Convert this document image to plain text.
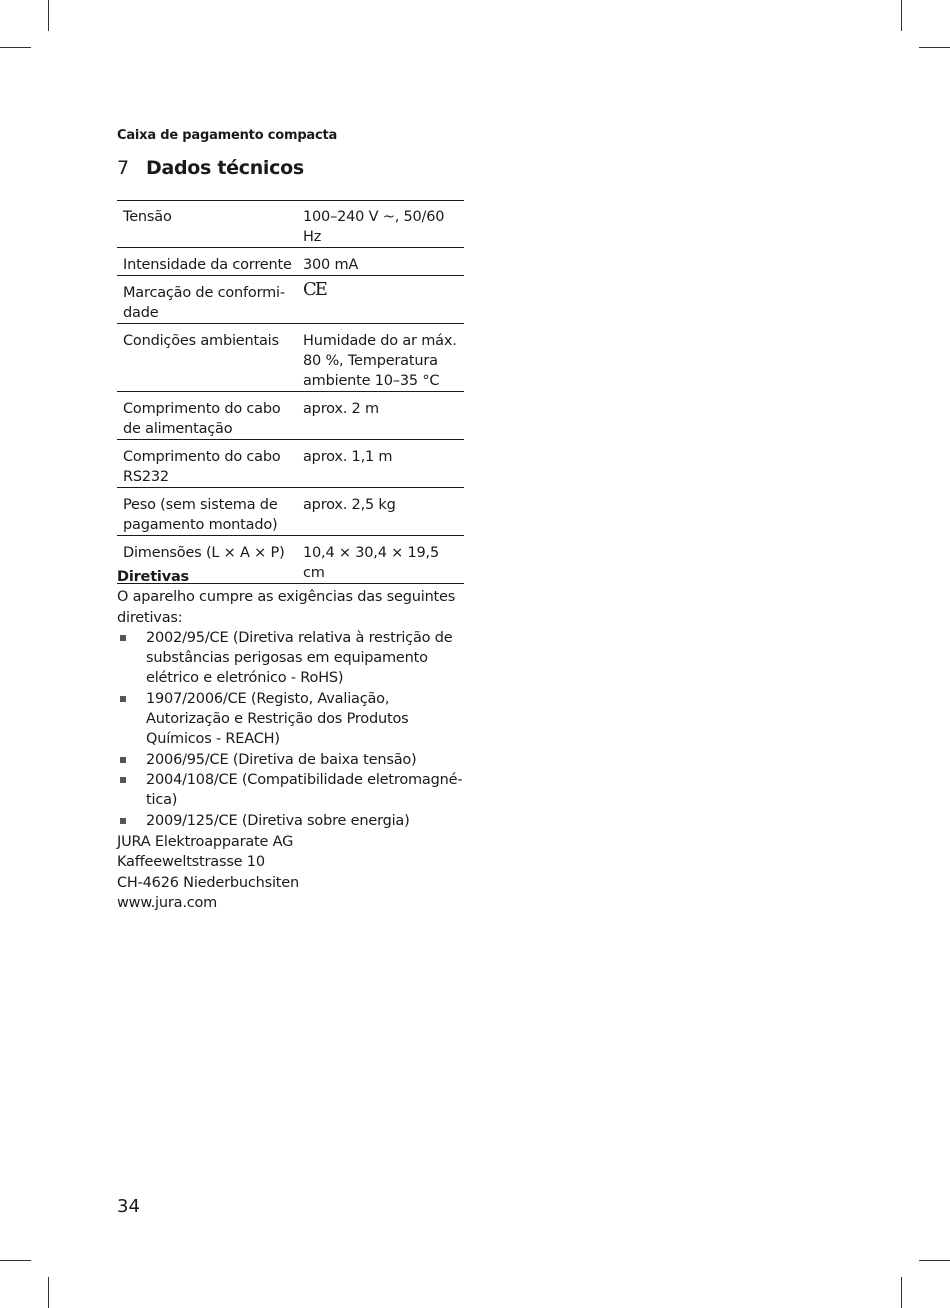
Caixa de pagamento compacta
7 Dados técnicos
Tensão	100–240 V ~, 50/60 Hz
Intensidade da corrente	300 mA
Marcação de conformi-
dade	CE
Condições ambientais	Humidade do ar máx.
80 %, Temperatura
ambiente 10–35 °C
Comprimento do cabo
de alimentação	aprox. 2 m
Comprimento do cabo
RS232	aprox. 1,1 m
Peso (sem sistema de
pagamento montado)	aprox. 2,5 kg
Dimensões (L × A × P)	10,4 × 30,4 × 19,5 cm
Diretivas

O aparelho cumpre as exigências das seguintes diretivas:

2002/95/CE (Diretiva relativa à restrição de substâncias perigosas em equipamento elétrico e eletrónico - RoHS)
1907/2006/CE (Registo, Avaliação, Autorização e Restrição dos Produtos Químicos - REACH)
2006/95/CE (Diretiva de baixa tensão)
2004/108/CE (Compatibilidade eletromagné-
tica)
2009/125/CE (Diretiva sobre energia)
JURA Elektroapparate AG
Kaffeeweltstrasse 10
CH-4626 Niederbuchsiten
www.jura.com
34
